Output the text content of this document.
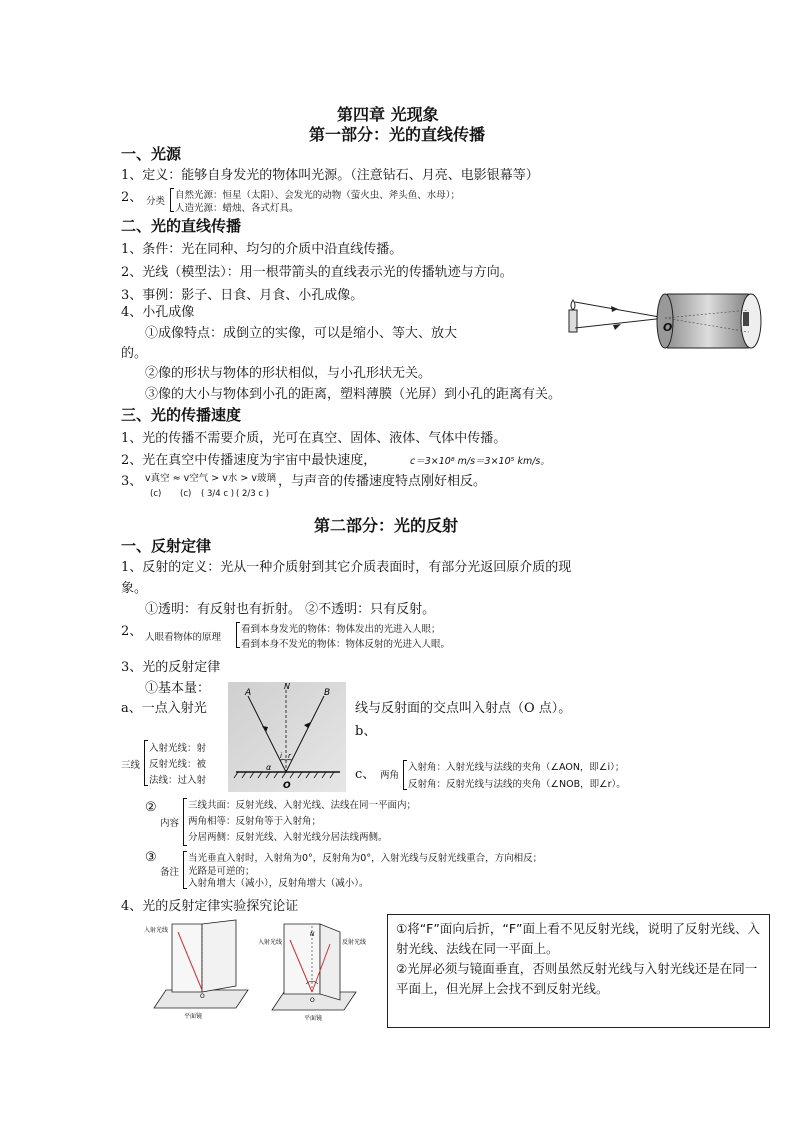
第四章 光现象
第一部分：光的直线传播
一、光源
1、定义：能够自身发光的物体叫光源。（注意钻石、月亮、电影银幕等）
2、 分类
自然光源：恒星（太阳）、会发光的动物（萤火虫、斧头鱼、水母）；
人造光源：蜡烛、各式灯具。
二、光的直线传播
1、条件：光在同种、均匀的介质中沿直线传播。
2、光线（模型法）：用一根带箭头的直线表示光的传播轨迹与方向。
3、事例：影子、日食、月食、小孔成像。
4、小孔成像
①成像特点：成倒立的实像，可以是缩小、等大、放大
的。
②像的形状与物体的形状相似，与小孔形状无关。
③像的大小与物体到小孔的距离，塑料薄膜（光屏）到小孔的距离有关。
O
三、光的传播速度
1、光的传播不需要介质，光可在真空、固体、液体、气体中传播。
2、光在真空中传播速度为宇宙中最快速度，	c＝3×10⁸ m/s＝3×10⁵ km/s。
3、 v真空 ≈ v空气 > v水 > v玻璃 ，与声音的传播速度特点刚好相反。
(c) (c) ( 3/4 c ) ( 2/3 c )
第二部分：光的反射
一、反射定律
1、反射的定义：光从一种介质射到其它介质表面时，有部分光返回原介质的现
象。
①透明：有反射也有折射。 ②不透明：只有反射。
2、 人眼看物体的原理
看到本身发光的物体：物体发出的光进入人眼；
看到本身不发光的物体：物体反射的光进入人眼。
3、光的反射定律
①基本量：
a、一点入射光	线与反射面的交点叫入射点（O 点）。
b、
三线
入射光线：射
反射光线：被
法线：过入射
A
N
B
O
i r
α	c、 两角
入射角：入射光线与法线的夹角（∠AON，即∠i）；
反射角：反射光线与法线的夹角（∠NOB，即∠r）。
②
内容
三线共面：反射光线、入射光线、法线在同一平面内；
两角相等：反射角等于入射角；
分居两侧：反射光线、入射光线分居法线两侧。
③
备注
当光垂直入射时，入射角为0°，反射角为0°，入射光线与反射光线重合，方向相反；
光路是可逆的；
入射角增大（减小），反射角增大（减小）。
4、光的反射定律实验探究论证
入射光线
O
平面镜
入射光线	反射光线
N
O
平面镜
①将“F”面向后折，“F”面上看不见反射光线，说明了反射光线、入射光线、法线在同一平面上。
②光屏必须与镜面垂直，否则虽然反射光线与入射光线还是在同一平面上，但光屏上会找不到反射光线。
